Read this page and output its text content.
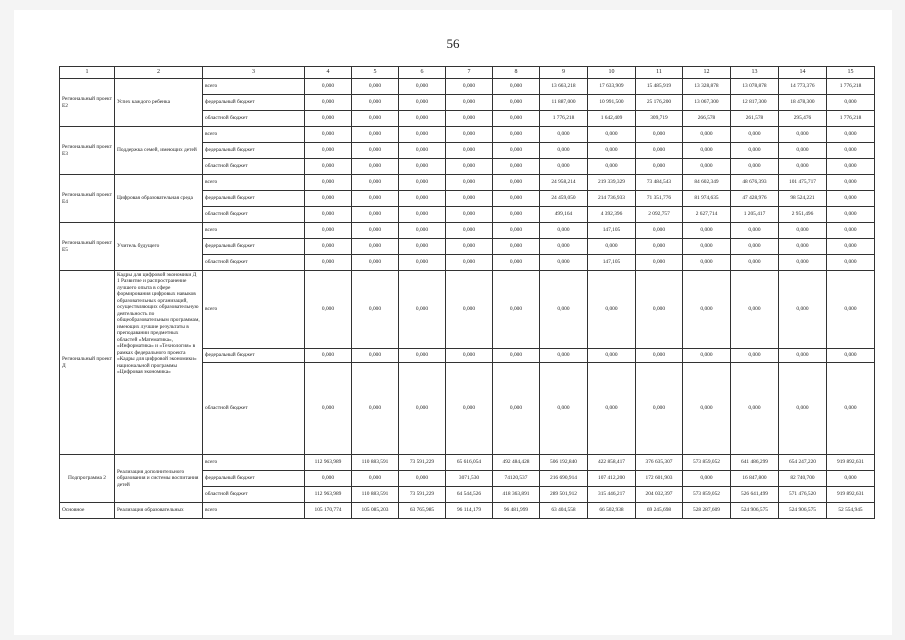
56
1	2	3	4	5	6	7	8	9	10	11	12	13	14	15
Региональный проект E2	Успех каждого ребенка	всего	0,000	0,000	0,000	0,000	0,000	13 663,218	17 633,909	15 485,919	13 328,878	13 078,878	14 773,376	1 776,218
		федеральный бюджет	0,000	0,000	0,000	0,000	0,000	11 887,000	10 991,500	25 176,200	13 067,300	12 817,300	18 478,300	0,000
		областной бюджет	0,000	0,000	0,000	0,000	0,000	1 776,218	1 642,409	309,719	266,578	261,578	295,476	1 776,218
Региональный проект E3	Поддержка семей, имеющих детей	всего	0,000	0,000	0,000	0,000	0,000	0,000	0,000	0,000	0,000	0,000	0,000	0,000
		федеральный бюджет	0,000	0,000	0,000	0,000	0,000	0,000	0,000	0,000	0,000	0,000	0,000	0,000
		областной бюджет	0,000	0,000	0,000	0,000	0,000	0,000	0,000	0,000	0,000	0,000	0,000	0,000
Региональный проект E4	Цифровая образовательная среда	всего	0,000	0,000	0,000	0,000	0,000	24 958,214	219 339,329	73 484,543	84 602,349	48 676,393	101 475,717	0,000
		федеральный бюджет	0,000	0,000	0,000	0,000	0,000	24 459,050	214 736,933	71 351,776	81 974,635	47 428,976	98 524,221	0,000
		областной бюджет	0,000	0,000	0,000	0,000	0,000	499,164	4 392,396	2 092,757	2 627,714	1 205,417	2 951,496	0,000
Региональный проект E5	Учитель будущего	всего	0,000	0,000	0,000	0,000	0,000	0,000	147,105	0,000	0,000	0,000	0,000	0,000
		федеральный бюджет	0,000	0,000	0,000	0,000	0,000	0,000	0,000	0,000	0,000	0,000	0,000	0,000
		областной бюджет	0,000	0,000	0,000	0,000	0,000	0,000	147,105	0,000	0,000	0,000	0,000	0,000
Региональный проект Д	Кадры для цифровой экономики Д 1 Развитие и распространение лучшего опыта в сфере формирования цифровых навыков образовательных организаций, осуществляющих образовательную деятельность по общеобразовательным программам, имеющих лучшие результаты в преподавании предметных областей «Математика», «Информатика» и «Технология» в рамках федерального проекта «Кадры для цифровой экономики» национальной программы «Цифровая экономика»	всего	0,000	0,000	0,000	0,000	0,000	0,000	0,000	0,000	0,000	0,000	0,000	0,000
		федеральный бюджет	0,000	0,000	0,000	0,000	0,000	0,000	0,000	0,000	0,000	0,000	0,000	0,000
		областной бюджет	0,000	0,000	0,000	0,000	0,000	0,000	0,000	0,000	0,000	0,000	0,000	0,000
Подпрограмма 2	Реализация дополнительного образования и системы воспитания детей	всего	112 963,989	110 883,591	73 591,229	65 616,054	492 484,428	506 192,840	422 858,417	376 635,307	573 859,052	641 486,299	654 247,220	919 892,631
		федеральный бюджет	0,000	0,000	0,000	3071,530	74120,537	216 690,914	107 412,200	172 601,903	0,000	16 847,800	82 740,700	0,000
		областной бюджет	112 963,989	110 883,591	73 591,229	64 544,526	418 363,891	289 501,912	315 446,217	204 032,397	573 859,052	526 641,499	571 476,520	919 892,631
Основное	Реализация образовательных	всего	105 170,774	105 085,203	63 765,985	96 114,179	96 481,999	63 404,558	66 502,938	69 245,698	528 287,609	524 906,575	524 906,575	52 554,945
